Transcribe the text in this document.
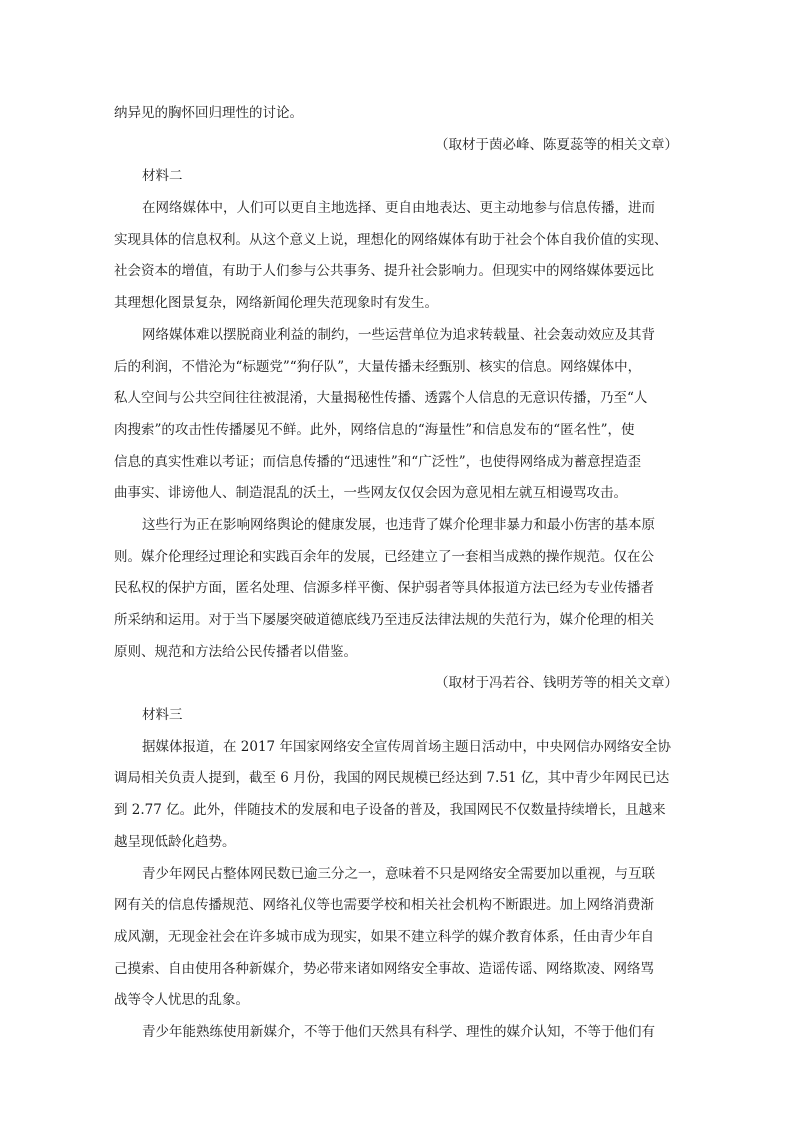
纳异见的胸怀回归理性的讨论。
（取材于茵必峰、陈夏蕊等的相关文章）
材料二
在网络媒体中，人们可以更自主地选择、更自由地表达、更主动地参与信息传播，进而
实现具体的信息权利。从这个意义上说，理想化的网络媒体有助于社会个体自我价值的实现、
社会资本的增值，有助于人们参与公共事务、提升社会影响力。但现实中的网络媒体要远比
其理想化图景复杂，网络新闻伦理失范现象时有发生。
网络媒体难以摆脱商业利益的制约，一些运营单位为追求转载量、社会轰动效应及其背
后的利润，不惜沦为“标题党”“狗仔队”，大量传播未经甄别、核实的信息。网络媒体中，
私人空间与公共空间往往被混淆，大量揭秘性传播、透露个人信息的无意识传播，乃至“人
肉搜索”的攻击性传播屡见不鲜。此外，网络信息的“海量性”和信息发布的“匿名性”，使
信息的真实性难以考证；而信息传播的“迅速性”和“广泛性”，也使得网络成为蓄意捏造歪
曲事实、诽谤他人、制造混乱的沃土，一些网友仅仅会因为意见相左就互相谩骂攻击。
这些行为正在影响网络舆论的健康发展，也违背了媒介伦理非暴力和最小伤害的基本原
则。媒介伦理经过理论和实践百余年的发展，已经建立了一套相当成熟的操作规范。仅在公
民私权的保护方面，匿名处理、信源多样平衡、保护弱者等具体报道方法已经为专业传播者
所采纳和运用。对于当下屡屡突破道德底线乃至违反法律法规的失范行为，媒介伦理的相关
原则、规范和方法给公民传播者以借鉴。
（取材于冯若谷、钱明芳等的相关文章）
材料三
据媒体报道，在 2017 年国家网络安全宣传周首场主题日活动中，中央网信办网络安全协
调局相关负责人提到，截至 6 月份，我国的网民规模已经达到 7.51 亿，其中青少年网民已达
到 2.77 亿。此外，伴随技术的发展和电子设备的普及，我国网民不仅数量持续增长，且越来
越呈现低龄化趋势。
青少年网民占整体网民数已逾三分之一，意味着不只是网络安全需要加以重视，与互联
网有关的信息传播规范、网络礼仪等也需要学校和相关社会机构不断跟进。加上网络消费渐
成风潮，无现金社会在许多城市成为现实，如果不建立科学的媒介教育体系，任由青少年自
己摸索、自由使用各种新媒介，势必带来诸如网络安全事故、造谣传谣、网络欺凌、网络骂
战等令人忧思的乱象。
青少年能熟练使用新媒介，不等于他们天然具有科学、理性的媒介认知，不等于他们有
